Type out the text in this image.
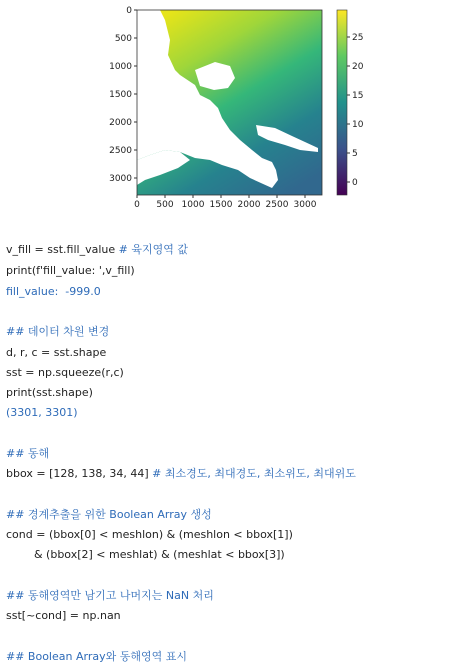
0
500
1000
1500
2000
2500
3000
0 500 1000 1500 2000 2500 3000
25
20
15
10
5
0
v_fill = sst.fill_value # 육지영역 값
print(f'fill_value: ',v_fill)
fill_value:  -999.0
## 데이터 차원 변경
d, r, c = sst.shape
sst = np.squeeze(r,c)
print(sst.shape)
(3301, 3301)
## 동해
bbox = [128, 138, 34, 44] # 최소경도, 최대경도, 최소위도, 최대위도
## 경계추출을 위한 Boolean Array 생성
cond = (bbox[0] < meshlon) & (meshlon < bbox[1])
& (bbox[2] < meshlat) & (meshlat < bbox[3])
## 동해영역만 남기고 나머지는 NaN 처리
sst[~cond] = np.nan
## Boolean Array와 동해영역 표시
